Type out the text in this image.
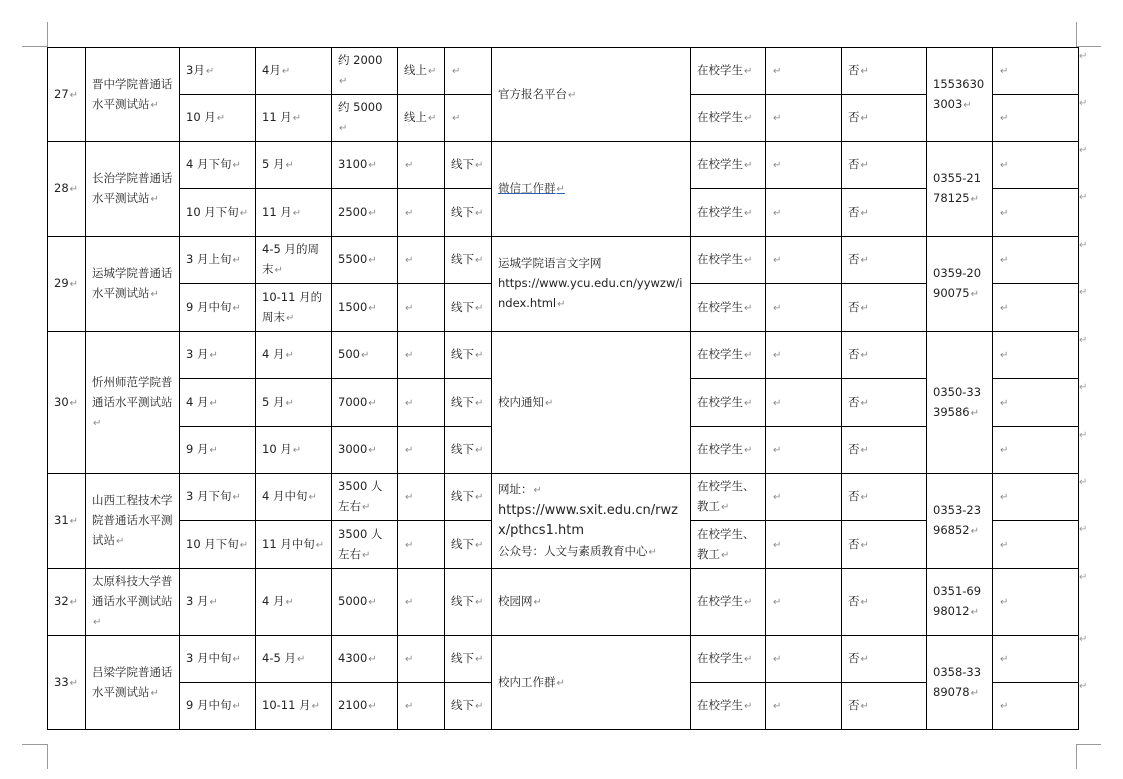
27↵	晋中学院普通话水平测试站↵	3月↵	4月↵	约 2000↵	线上↵	↵	官方报名平台↵	在校学生↵	↵	否↵	15536303003↵	↵
		10 月↵	11 月↵	约 5000↵	线上↵	↵		在校学生↵	↵	否↵		↵
28↵	长治学院普通话水平测试站↵	4 月下旬↵	5 月↵	3100↵	↵	线下↵	微信工作群↵	在校学生↵	↵	否↵	0355-2178125↵	↵
		10 月下旬↵	11 月↵	2500↵	↵	线下↵		在校学生↵	↵	否↵		↵
29↵	运城学院普通话水平测试站↵	3 月上旬↵	4-5 月的周末↵	5500↵	↵	线下↵	运城学院语言文字网
https://www.ycu.edu.cn/yywzw/index.html↵	在校学生↵	↵	否↵	0359-2090075↵	↵
		9 月中旬↵	10-11 月的周末↵	1500↵	↵	线下↵		在校学生↵	↵	否↵		↵
30↵	忻州师范学院普通话水平测试站↵	3 月↵	4 月↵	500↵	↵	线下↵	校内通知↵	在校学生↵	↵	否↵	0350-3339586↵	↵
		4 月↵	5 月↵	7000↵	↵	线下↵		在校学生↵	↵	否↵		↵
		9 月↵	10 月↵	3000↵	↵	线下↵		在校学生↵	↵	否↵		↵
31↵	山西工程技术学院普通话水平测试站↵	3 月下旬↵	4 月中旬↵	3500 人左右↵	↵	线下↵	网址：↵
https://www.sxit.edu.cn/rwzx/pthcs1.htm
公众号：人文与素质教育中心↵	在校学生、教工↵	↵	否↵	0353-2396852↵	↵
		10 月下旬↵	11 月中旬↵	3500 人左右↵	↵	线下↵		在校学生、教工↵	↵	否↵		↵
32↵	太原科技大学普通话水平测试站↵	3 月↵	4 月↵	5000↵	↵	线下↵	校园网↵	在校学生↵	↵	否↵	0351-6998012↵	↵
33↵	吕梁学院普通话水平测试站↵	3 月中旬↵	4-5 月↵	4300↵	↵	线下↵	校内工作群↵	在校学生↵	↵	否↵	0358-3389078↵	↵
		9 月中旬↵	10-11 月↵	2100↵	↵	线下↵		在校学生↵	↵	否↵		↵
↵
↵
↵
↵
↵
↵
↵
↵
↵
↵
↵
↵
↵
↵
